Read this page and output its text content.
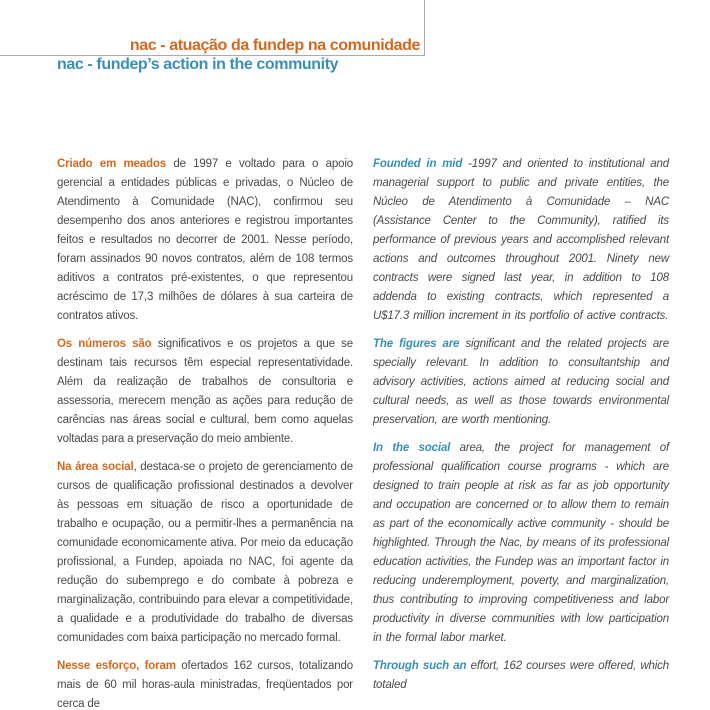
nac - atuação da fundep na comunidade
nac - fundep’s action in the community

Criado em meados de 1997 e voltado para o apoio gerencial a entidades públicas e privadas, o Núcleo de Atendimento à Comunidade (NAC), confirmou seu desempenho dos anos anteriores e registrou importantes feitos e resultados no decorrer de 2001. Nesse período, foram assinados 90 novos contratos, além de 108 termos aditivos a contratos pré-existentes, o que representou acréscimo de 17,3 milhões de dólares à sua carteira de contratos ativos.

Os números são significativos e os projetos a que se destinam tais recursos têm especial representatividade. Além da realização de trabalhos de consultoria e assessoria, merecem menção as ações para redução de carências nas áreas social e cultural, bem como aquelas voltadas para a preservação do meio ambiente.

Na área social, destaca-se o projeto de gerenciamento de cursos de qualificação profissional destinados a devolver às pessoas em situação de risco a oportunidade de trabalho e ocupação, ou a permitir-lhes a permanência na comunidade economicamente ativa. Por meio da educação profissional, a Fundep, apoiada no NAC, foi agente da redução do subemprego e do combate à pobreza e marginalização, contribuindo para elevar a competitividade, a qualidade e a produtividade do trabalho de diversas comunidades com baixa participação no mercado formal.

Nesse esforço, foram ofertados 162 cursos, totalizando mais de 60 mil horas-aula ministradas, freqüentados por cerca de

Founded in mid -1997 and oriented to institutional and managerial support to public and private entities, the Núcleo de Atendimento à Comunidade – NAC (Assistance Center to the Community), ratified its performance of previous years and accomplished relevant actions and outcomes throughout 2001. Ninety new contracts were signed last year, in addition to 108 addenda to existing contracts, which represented a U$17.3 million increment in its portfolio of active contracts.

The figures are significant and the related projects are specially relevant. In addition to consultantship and advisory activities, actions aimed at reducing social and cultural needs, as well as those towards environmental preservation, are worth mentioning.

In the social area, the project for management of professional qualification course programs - which are designed to train people at risk as far as job opportunity and occupation are concerned or to allow them to remain as part of the economically active community - should be highlighted. Through the Nac, by means of its professional education activities, the Fundep was an important factor in reducing underemployment, poverty, and marginalization, thus contributing to improving competitiveness and labor productivity in diverse communities with low participation in the formal labor market.

Through such an effort, 162 courses were offered, which totaled
